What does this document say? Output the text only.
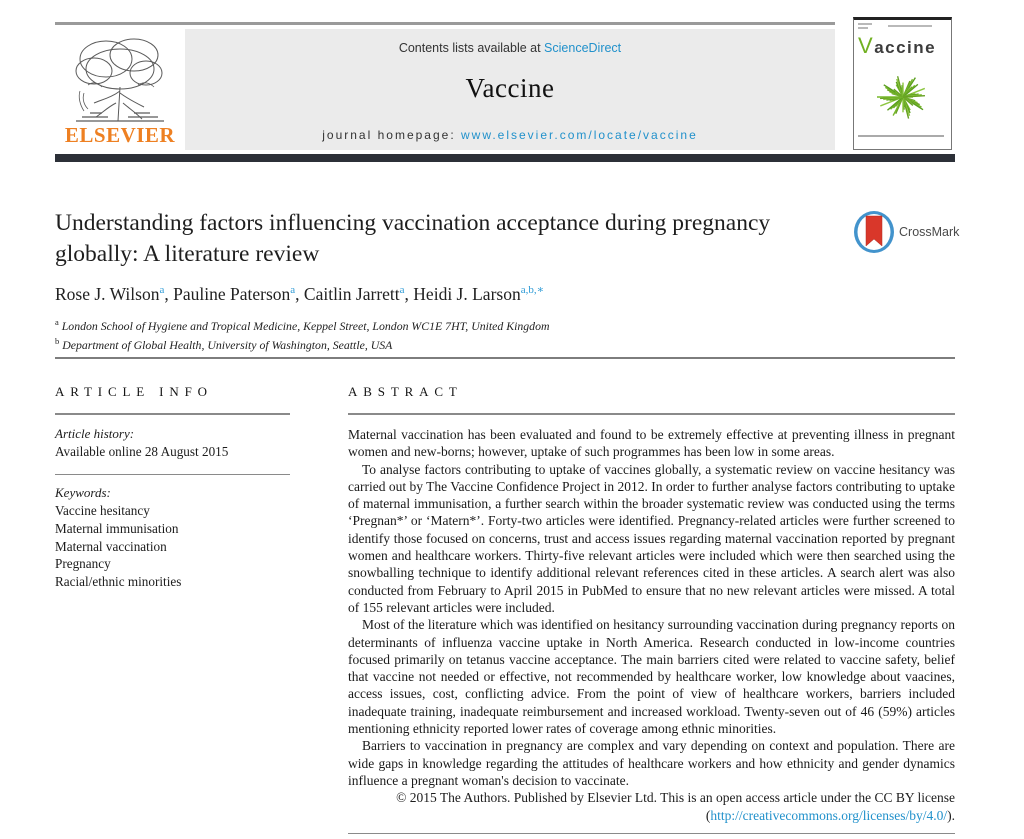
ELSEVIER
Contents lists available at ScienceDirect
Vaccine
journal homepage: www.elsevier.com/locate/vaccine
Vaccine
Understanding factors influencing vaccination acceptance during pregnancy globally: A literature review
CrossMark
Rose J. Wilson$^a$, Pauline Paterson$^a$, Caitlin Jarrett$^a$, Heidi J. Larson$^{a,b,∗}$
$^a$ London School of Hygiene and Tropical Medicine, Keppel Street, London WC1E 7HT, United Kingdom
$^b$ Department of Global Health, University of Washington, Seattle, USA
ARTICLE INFO
Article history:
Available online 28 August 2015
Keywords:
Vaccine hesitancy
Maternal immunisation
Maternal vaccination
Pregnancy
Racial/ethnic minorities
ABSTRACT

Maternal vaccination has been evaluated and found to be extremely effective at preventing illness in pregnant women and new-borns; however, uptake of such programmes has been low in some areas.

To analyse factors contributing to uptake of vaccines globally, a systematic review on vaccine hesitancy was carried out by The Vaccine Confidence Project in 2012. In order to further analyse factors contributing to uptake of maternal immunisation, a further search within the broader systematic review was conducted using the terms ‘Pregnan*’ or ‘Matern*’. Forty-two articles were identified. Pregnancy-related articles were further screened to identify those focused on concerns, trust and access issues regarding maternal vaccination reported by pregnant women and healthcare workers. Thirty-five relevant articles were included which were then searched using the snowballing technique to identify additional relevant references cited in these articles. A search alert was also conducted from February to April 2015 in PubMed to ensure that no new relevant articles were missed. A total of 155 relevant articles were included.

Most of the literature which was identified on hesitancy surrounding vaccination during pregnancy reports on determinants of influenza vaccine uptake in North America. Research conducted in low-income countries focused primarily on tetanus vaccine acceptance. The main barriers cited were related to vaccine safety, belief that vaccine not needed or effective, not recommended by healthcare worker, low knowledge about vaacines, access issues, cost, conflicting advice. From the point of view of healthcare workers, barriers included inadequate training, inadequate reimbursement and increased workload. Twenty-seven out of 46 (59%) articles mentioning ethnicity reported lower rates of coverage among ethnic minorities.

Barriers to vaccination in pregnancy are complex and vary depending on context and population. There are wide gaps in knowledge regarding the attitudes of healthcare workers and how ethnicity and gender dynamics influence a pregnant woman's decision to vaccinate.

© 2015 The Authors. Published by Elsevier Ltd. This is an open access article under the CC BY license
(http://creativecommons.org/licenses/by/4.0/).
